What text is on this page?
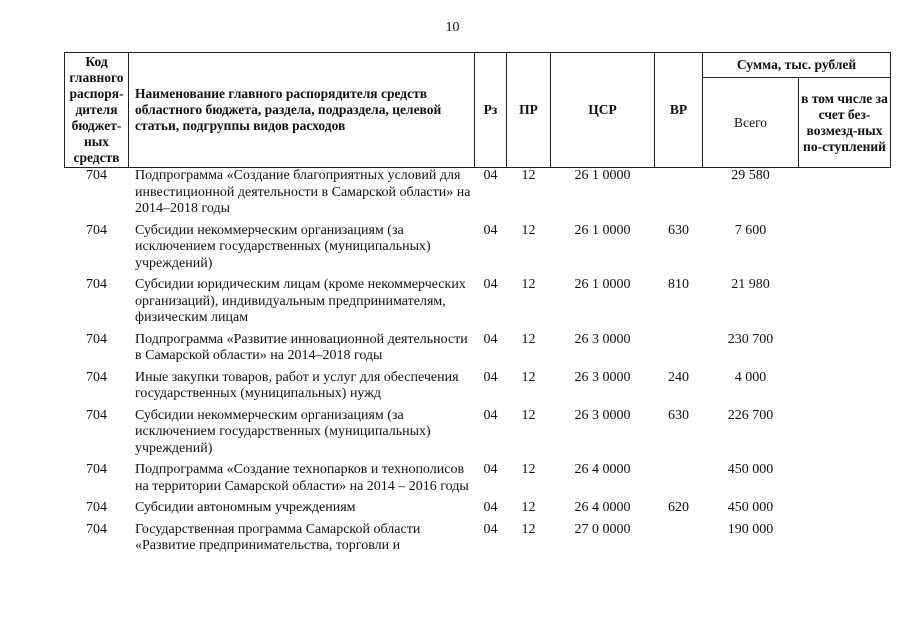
10
Код главного распоря-дителя бюджет-ных средств	Наименование главного распорядителя средств областного бюджета, раздела, подраздела, целевой статьи, подгруппы видов расходов	Рз	ПР	ЦСР	ВР	Сумма, тыс. рублей	
						Всего	в том числе за счет без-возмезд-ных по-ступлений
704	Подпрограмма «Создание благоприятных условий для инвестиционной деятельности в Самарской области» на 2014–2018 годы	04	12	26 1 0000		29 580	
704	Субсидии некоммерческим организациям (за исключением государственных (муниципальных) учреждений)	04	12	26 1 0000	630	7 600	
704	Субсидии юридическим лицам (кроме некоммерческих организаций), индивидуальным предпринимателям, физическим лицам	04	12	26 1 0000	810	21 980	
704	Подпрограмма «Развитие инновационной деятельности в Самарской области» на 2014–2018 годы	04	12	26 3 0000		230 700	
704	Иные закупки товаров, работ и услуг для обеспечения государственных (муниципальных) нужд	04	12	26 3 0000	240	4 000	
704	Субсидии некоммерческим организациям (за исключением государственных (муниципальных) учреждений)	04	12	26 3 0000	630	226 700	
704	Подпрограмма «Создание технопарков и технополисов на территории Самарской области» на 2014 – 2016 годы	04	12	26 4 0000		450 000	
704	Субсидии автономным учреждениям	04	12	26 4 0000	620	450 000	
704	Государственная программа Самарской области «Развитие предпринимательства, торговли и	04	12	27 0 0000		190 000	
